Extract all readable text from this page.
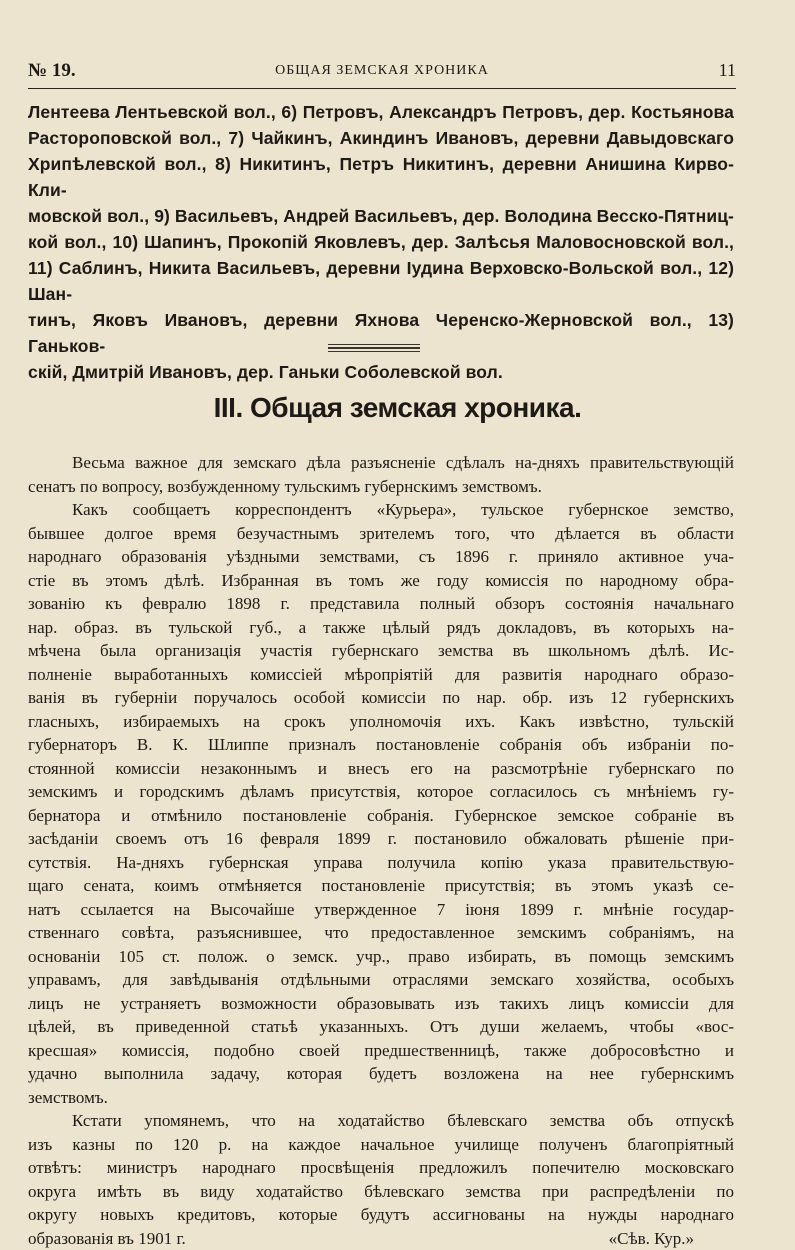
№ 19.	ОБЩАЯ ЗЕМСКАЯ ХРОНИКА	11
Лентеева Лентьевской вол., 6) Петровъ, Александръ Петровъ, дер. Костьянова
Растороповской вол., 7) Чайкинъ, Акиндинъ Ивановъ, деревни Давыдовскаго
Хрипѣлевской вол., 8) Никитинъ, Петръ Никитинъ, деревни Анишина Кирво-Кли-
мовской вол., 9) Васильевъ, Андрей Васильевъ, дер. Володина Весско-Пятниц-
кой вол., 10) Шапинъ, Прокопій Яковлевъ, дер. Залѣсья Маловосновской вол.,
11) Саблинъ, Никита Васильевъ, деревни Іудина Верховско-Вольской вол., 12) Шан-
тинъ, Яковъ Ивановъ, деревни Яхнова Черенско-Жерновской вол., 13) Ганьков-
скій, Дмитрій Ивановъ, дер. Ганьки Соболевской вол.
III. Общая земская хроника.
Весьма важное для земскаго дѣла разъясненіе сдѣлалъ на-дняхъ правительствующій
сенатъ по вопросу, возбужденному тульскимъ губернскимъ земствомъ.
Какъ сообщаетъ корреспондентъ «Курьера», тульское губернское земство,
бывшее долгое время безучастнымъ зрителемъ того, что дѣлается въ области
народнаго образованія уѣздными земствами, съ 1896 г. приняло активное уча-
стіе въ этомъ дѣлѣ. Избранная въ томъ же году комиссія по народному обра-
зованію къ февралю 1898 г. представила полный обзоръ состоянія начальнаго
нар. образ. въ тульской губ., а также цѣлый рядъ докладовъ, въ которыхъ на-
мѣчена была организація участія губернскаго земства въ школьномъ дѣлѣ. Ис-
полненіе выработанныхъ комиссіей мѣропріятій для развитія народнаго образо-
ванія въ губерніи поручалось особой комиссіи по нар. обр. изъ 12 губернскихъ
гласныхъ, избираемыхъ на срокъ уполномочія ихъ. Какъ извѣстно, тульскій
губернаторъ В. К. Шлиппе призналъ постановленіе собранія объ избраніи по-
стоянной комиссіи незаконнымъ и внесъ его на разсмотрѣніе губернскаго по
земскимъ и городскимъ дѣламъ присутствія, которое согласилось съ мнѣніемъ гу-
бернатора и отмѣнило постановленіе собранія. Губернское земское собраніе въ
засѣданіи своемъ отъ 16 февраля 1899 г. постановило обжаловать рѣшеніе при-
сутствія. На-дняхъ губернская управа получила копію указа правительствую-
щаго сената, коимъ отмѣняется постановленіе присутствія; въ этомъ указѣ се-
натъ ссылается на Высочайше утвержденное 7 іюня 1899 г. мнѣніе государ-
ственнаго совѣта, разъяснившее, что предоставленное земскимъ собраніямъ, на
основаніи 105 ст. полож. о земск. учр., право избирать, въ помощь земскимъ
управамъ, для завѣдыванія отдѣльными отраслями земскаго хозяйства, особыхъ
лицъ не устраняетъ возможности образовывать изъ такихъ лицъ комиссіи для
цѣлей, въ приведенной статьѣ указанныхъ. Отъ души желаемъ, чтобы «вос-
кресшая» комиссія, подобно своей предшественницѣ, также добросовѣстно и
удачно выполнила задачу, которая будетъ возложена на нее губернскимъ
земствомъ.
Кстати упомянемъ, что на ходатайство бѣлевскаго земства объ отпускѣ
изъ казны по 120 р. на каждое начальное училище полученъ благопріятный
отвѣтъ: министръ народнаго просвѣщенія предложилъ попечителю московскаго
округа имѣть въ виду ходатайство бѣлевскаго земства при распредѣленіи по
округу новыхъ кредитовъ, которые будутъ ассигнованы на нужды народнаго
образованія въ 1901 г.	«Сѣв. Кур.»
